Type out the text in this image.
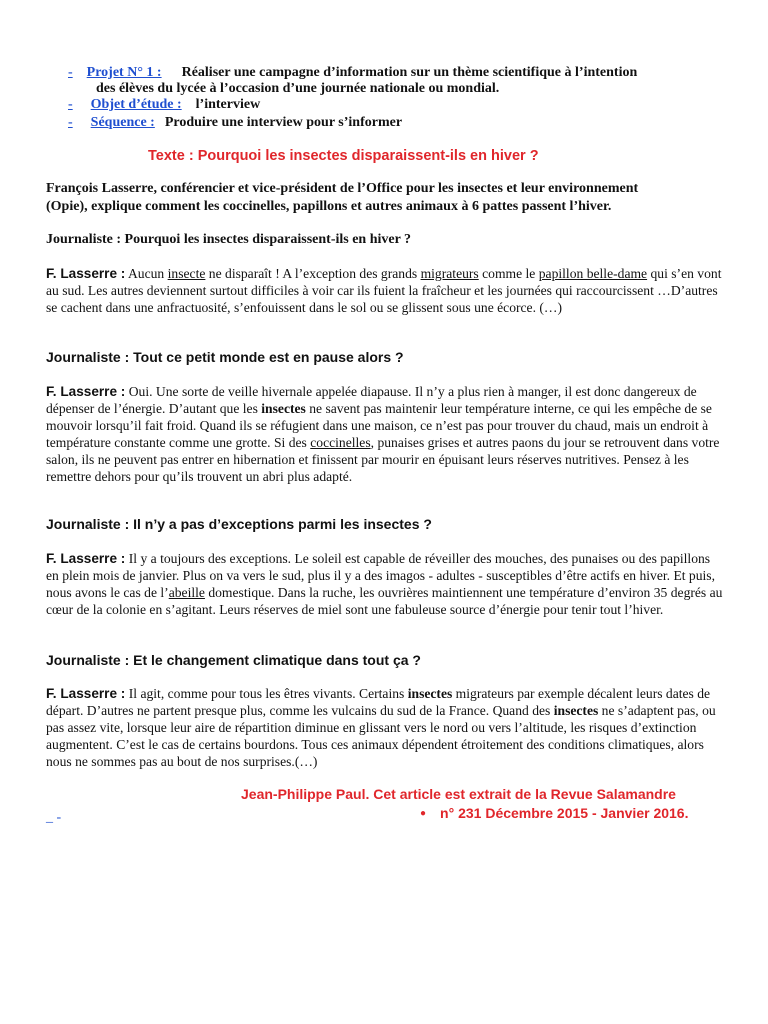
- Projet N° 1 : Réaliser une campagne d’information sur un thème scientifique à l’intention
des élèves du lycée à l’occasion d’une journée nationale ou mondial.
- Objet d’étude : l’interview
- Séquence : Produire une interview pour s’informer
Texte : Pourquoi les insectes disparaissent-ils en hiver ?
François Lasserre, conférencier et vice-président de l’Office pour les insectes et leur environnement
(Opie), explique comment les coccinelles, papillons et autres animaux à 6 pattes passent l’hiver.
Journaliste : Pourquoi les insectes disparaissent-ils en hiver ?
F. Lasserre : Aucun insecte ne disparaît ! A l’exception des grands migrateurs comme le papillon belle-dame qui s’en vont au sud. Les autres deviennent surtout difficiles à voir car ils fuient la fraîcheur et les journées qui raccourcissent …D’autres se cachent dans une anfractuosité, s’enfouissent dans le sol ou se glissent sous une écorce. (…)
Journaliste : Tout ce petit monde est en pause alors ?
F. Lasserre : Oui. Une sorte de veille hivernale appelée diapause. Il n’y a plus rien à manger, il est donc dangereux de dépenser de l’énergie. D’autant que les insectes ne savent pas maintenir leur température interne, ce qui les empêche de se mouvoir lorsqu’il fait froid. Quand ils se réfugient dans une maison, ce n’est pas pour trouver du chaud, mais un endroit à température constante comme une grotte. Si des coccinelles, punaises grises et autres paons du jour se retrouvent dans votre salon, ils ne peuvent pas entrer en hibernation et finissent par mourir en épuisant leurs réserves nutritives. Pensez à les remettre dehors pour qu’ils trouvent un abri plus adapté.
Journaliste : Il n’y a pas d’exceptions parmi les insectes ?
F. Lasserre : Il y a toujours des exceptions. Le soleil est capable de réveiller des mouches, des punaises ou des papillons en plein mois de janvier. Plus on va vers le sud, plus il y a des imagos - adultes - susceptibles d’être actifs en hiver. Et puis, nous avons le cas de l’abeille domestique. Dans la ruche, les ouvrières maintiennent une température d’environ 35 degrés au cœur de la colonie en s’agitant. Leurs réserves de miel sont une fabuleuse source d’énergie pour tenir tout l’hiver.
Journaliste : Et le changement climatique dans tout ça ?
F. Lasserre : Il agit, comme pour tous les êtres vivants. Certains insectes migrateurs par exemple décalent leurs dates de départ. D’autres ne partent presque plus, comme les vulcains du sud de la France. Quand des insectes ne s’adaptent pas, ou pas assez vite, lorsque leur aire de répartition diminue en glissant vers le nord ou vers l’altitude, les risques d’extinction augmentent. C’est le cas de certains bourdons. Tous ces animaux dépendent étroitement des conditions climatiques, alors nous ne sommes pas au bout de nos surprises.(…)
Jean-Philippe Paul. Cet article est extrait de la Revue Salamandre
● n° 231 Décembre 2015 - Janvier 2016.
_ -
